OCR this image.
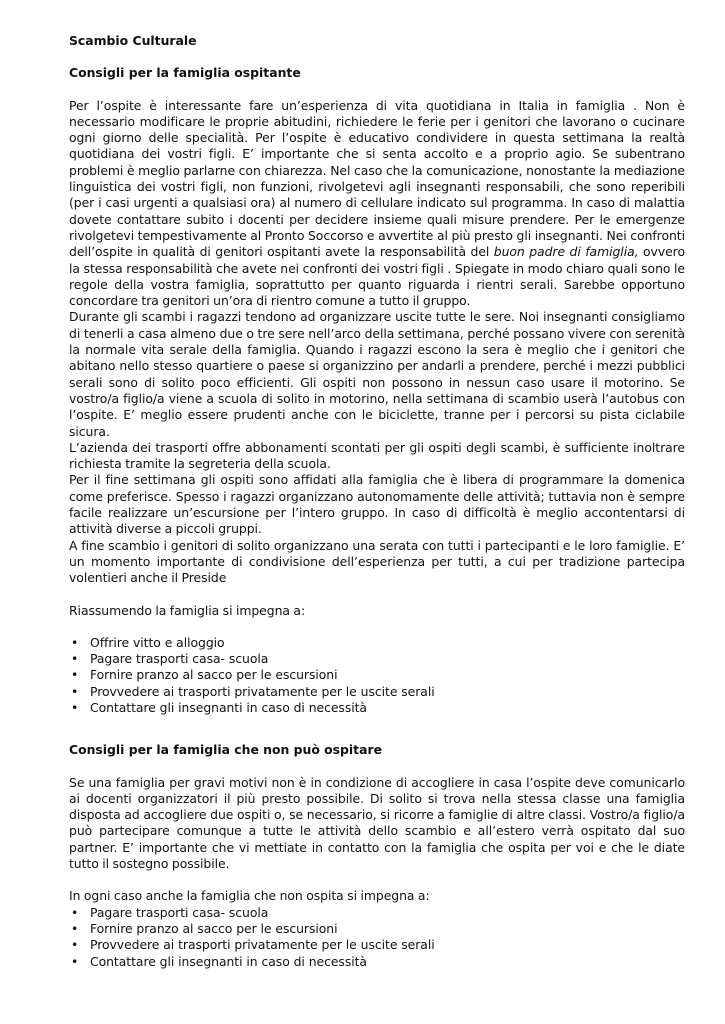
Scambio Culturale
Consigli per la famiglia ospitante

Per l’ospite è interessante fare un’esperienza di vita quotidiana in Italia in famiglia . Non è necessario modificare le proprie abitudini, richiedere le ferie per i genitori che lavorano o cucinare ogni giorno delle specialità. Per l’ospite è educativo condividere in questa settimana la realtà quotidiana dei vostri figli. E’ importante che si senta accolto e a proprio agio. Se subentrano problemi è meglio parlarne con chiarezza. Nel caso che la comunicazione, nonostante la mediazione linguistica dei vostri figli, non funzioni, rivolgetevi agli insegnanti responsabili, che sono reperibili (per i casi urgenti a qualsiasi ora) al numero di cellulare indicato sul programma. In caso di malattia dovete contattare subito i docenti per decidere insieme quali misure prendere. Per le emergenze rivolgetevi tempestivamente al Pronto Soccorso e avvertite al più presto gli insegnanti. Nei confronti dell’ospite in qualità di genitori ospitanti avete la responsabilità del buon padre di famiglia, ovvero la stessa responsabilità che avete nei confronti dei vostri figli . Spiegate in modo chiaro quali sono le regole della vostra famiglia, soprattutto per quanto riguarda i rientri serali. Sarebbe opportuno concordare tra genitori un’ora di rientro comune a tutto il gruppo.

Durante gli scambi i ragazzi tendono ad organizzare uscite tutte le sere. Noi insegnanti consigliamo di tenerli a casa almeno due o tre sere nell’arco della settimana, perché possano vivere con serenità la normale vita serale della famiglia. Quando i ragazzi escono la sera è meglio che i genitori che abitano nello stesso quartiere o paese si organizzino per andarli a prendere, perché i mezzi pubblici serali sono di solito poco efficienti. Gli ospiti non possono in nessun caso usare il motorino. Se vostro/a figlio/a viene a scuola di solito in motorino, nella settimana di scambio userà l’autobus con l’ospite. E’ meglio essere prudenti anche con le biciclette, tranne per i percorsi su pista ciclabile sicura.

L’azienda dei trasporti offre abbonamenti scontati per gli ospiti degli scambi, è sufficiente inoltrare richiesta tramite la segreteria della scuola.

Per il fine settimana gli ospiti sono affidati alla famiglia che è libera di programmare la domenica come preferisce. Spesso i ragazzi organizzano autonomamente delle attività; tuttavia non è sempre facile realizzare un’escursione per l’intero gruppo. In caso di difficoltà è meglio accontentarsi di attività diverse a piccoli gruppi.

A fine scambio i genitori di solito organizzano una serata con tutti i partecipanti e le loro famiglie. E’ un momento importante di condivisione dell’esperienza per tutti, a cui per tradizione partecipa volentieri anche il Preside

Riassumendo la famiglia si impegna a:

• Offrire vitto e alloggio
• Pagare trasporti casa- scuola
• Fornire pranzo al sacco per le escursioni
• Provvedere ai trasporti privatamente per le uscite serali
• Contattare gli insegnanti in caso di necessità
Consigli per la famiglia che non può ospitare

Se una famiglia per gravi motivi non è in condizione di accogliere in casa l’ospite deve comunicarlo ai docenti organizzatori il più presto possibile. Di solito si trova nella stessa classe una famiglia disposta ad accogliere due ospiti o, se necessario, si ricorre a famiglie di altre classi. Vostro/a figlio/a può partecipare comunque a tutte le attività dello scambio e all’estero verrà ospitato dal suo partner. E’ importante che vi mettiate in contatto con la famiglia che ospita per voi e che le diate tutto il sostegno possibile.

In ogni caso anche la famiglia che non ospita si impegna a:

• Pagare trasporti casa- scuola
• Fornire pranzo al sacco per le escursioni
• Provvedere ai trasporti privatamente per le uscite serali
• Contattare gli insegnanti in caso di necessità
